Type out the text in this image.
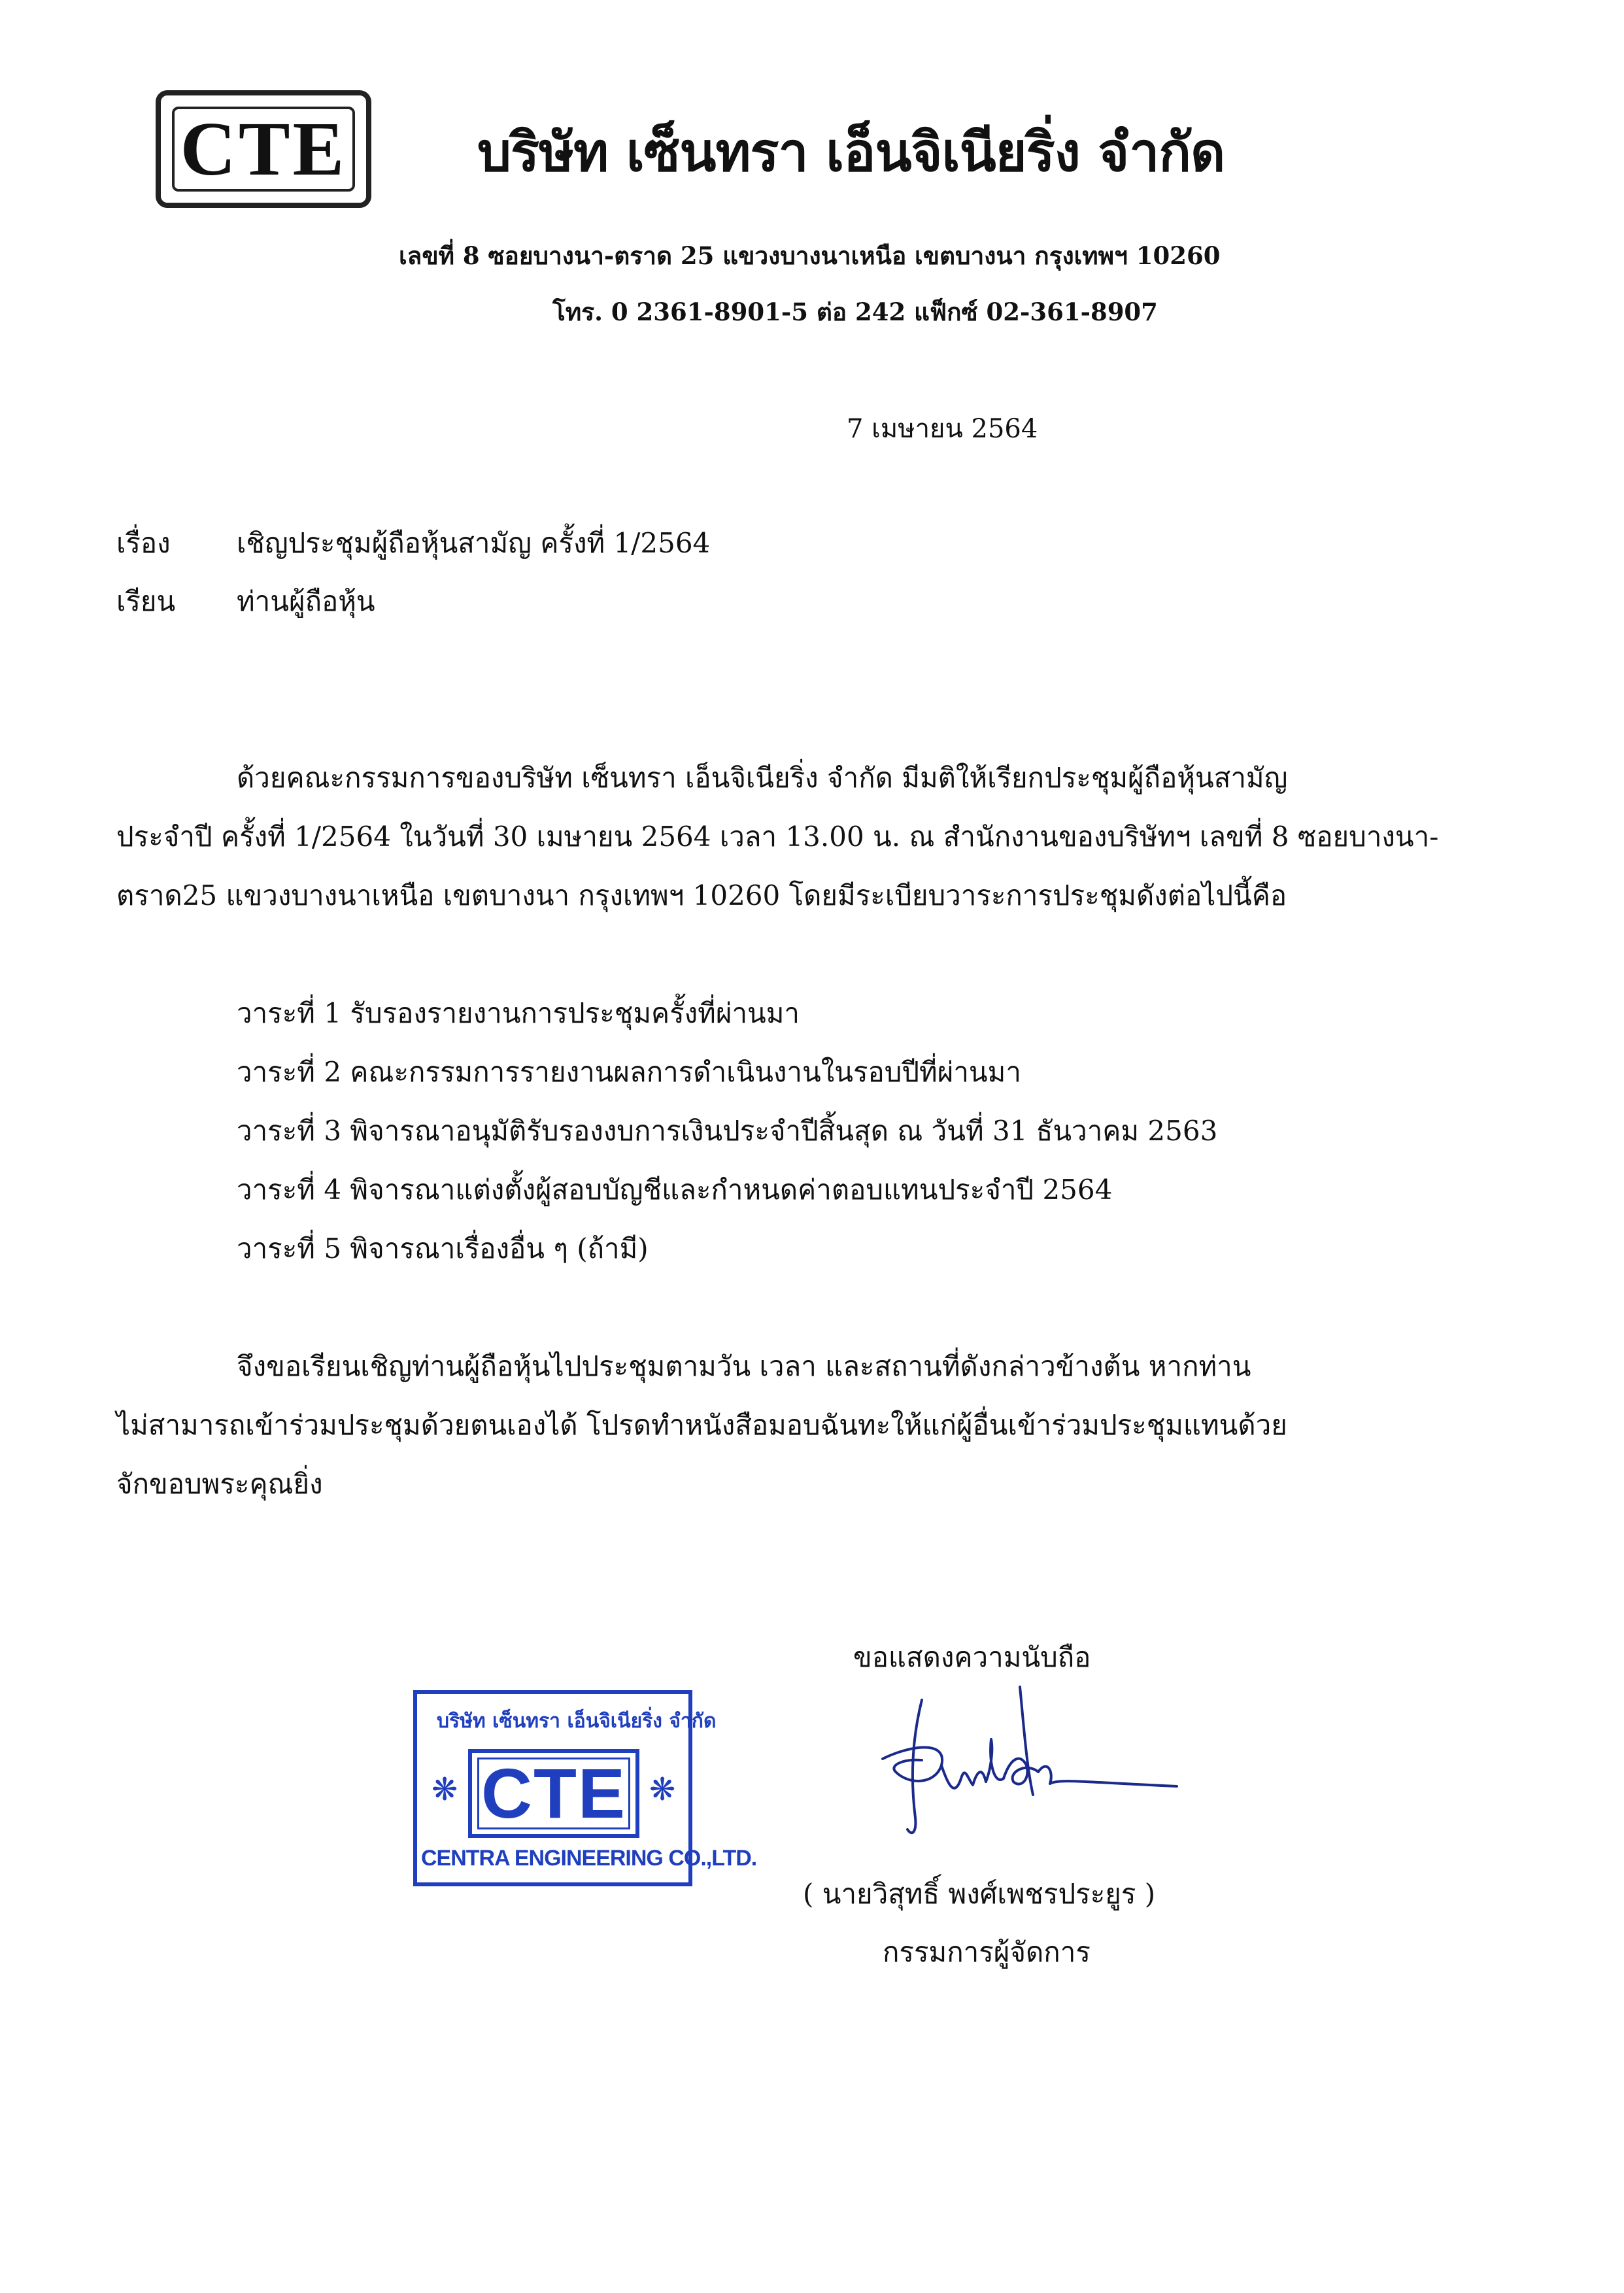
CTE บริษัท เซ็นทรา เอ็นจิเนียริ่ง จำกัด
เลขที่ 8 ซอยบางนา-ตราด 25 แขวงบางนาเหนือ เขตบางนา กรุงเทพฯ 10260
โทร. 0 2361-8901-5 ต่อ 242 แฟ็กซ์ 02-361-8907
7 เมษายน 2564
เรื่อง เชิญประชุมผู้ถือหุ้นสามัญ ครั้งที่ 1/2564
เรียน ท่านผู้ถือหุ้น
ด้วยคณะกรรมการของบริษัท เซ็นทรา เอ็นจิเนียริ่ง จำกัด มีมติให้เรียกประชุมผู้ถือหุ้นสามัญ
ประจำปี ครั้งที่ 1/2564 ในวันที่ 30 เมษายน 2564 เวลา 13.00 น. ณ สำนักงานของบริษัทฯ เลขที่ 8 ซอยบางนา-
ตราด25 แขวงบางนาเหนือ เขตบางนา กรุงเทพฯ 10260 โดยมีระเบียบวาระการประชุมดังต่อไปนี้คือ
วาระที่ 1 รับรองรายงานการประชุมครั้งที่ผ่านมา
วาระที่ 2 คณะกรรมการรายงานผลการดำเนินงานในรอบปีที่ผ่านมา
วาระที่ 3 พิจารณาอนุมัติรับรองงบการเงินประจำปีสิ้นสุด ณ วันที่ 31 ธันวาคม 2563
วาระที่ 4 พิจารณาแต่งตั้งผู้สอบบัญชีและกำหนดค่าตอบแทนประจำปี 2564
วาระที่ 5 พิจารณาเรื่องอื่น ๆ (ถ้ามี)
จึงขอเรียนเชิญท่านผู้ถือหุ้นไปประชุมตามวัน เวลา และสถานที่ดังกล่าวข้างต้น หากท่าน
ไม่สามารถเข้าร่วมประชุมด้วยตนเองได้ โปรดทำหนังสือมอบฉันทะให้แก่ผู้อื่นเข้าร่วมประชุมแทนด้วย
จักขอบพระคุณยิ่ง
ขอแสดงความนับถือ
บริษัท เซ็นทรา เอ็นจิเนียริ่ง จำกัด
❋ CTE ❋
CENTRA ENGINEERING CO.,LTD.
( นายวิสุทธิ์ พงศ์เพชรประยูร )
กรรมการผู้จัดการ
